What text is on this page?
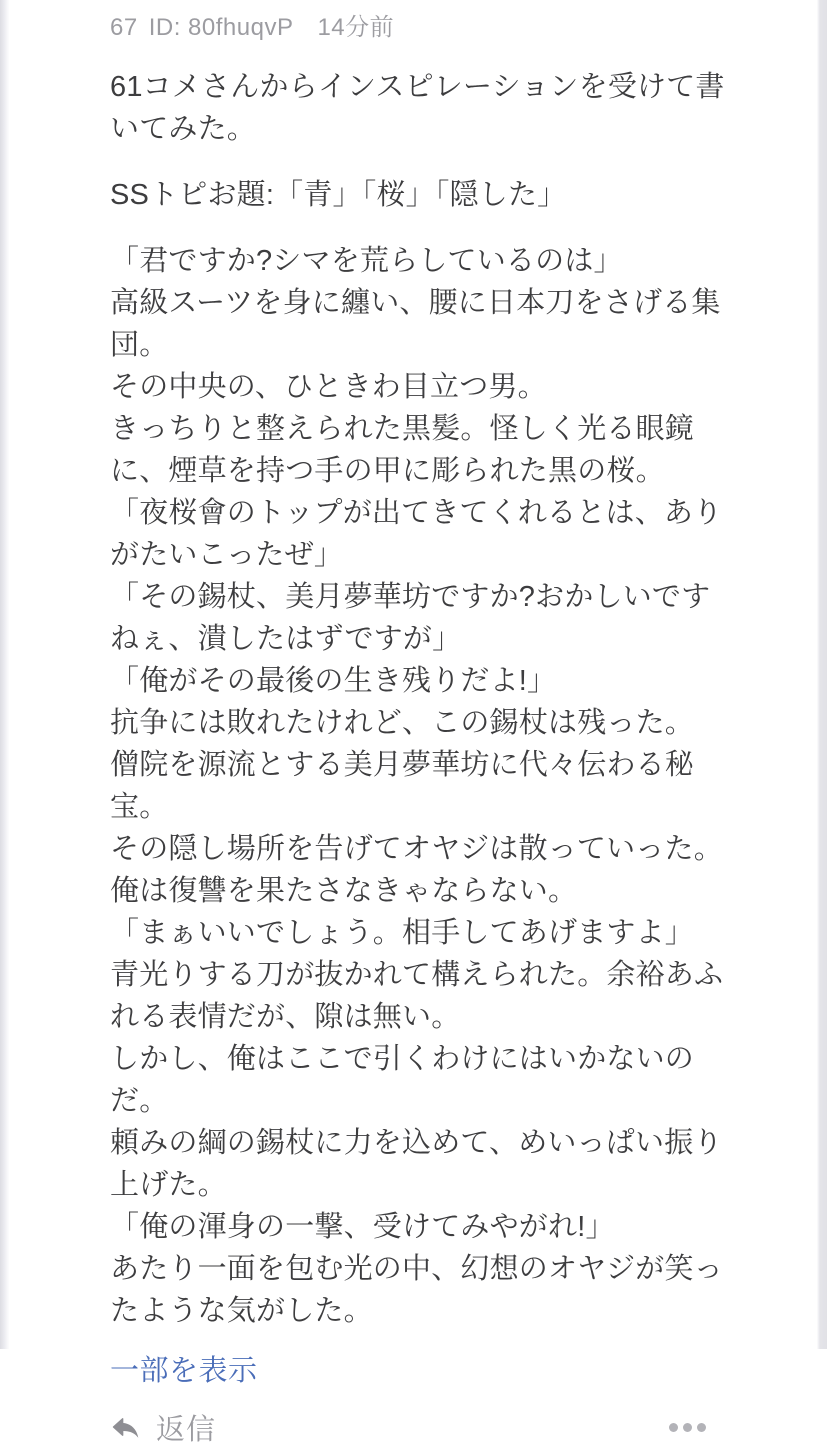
67 ID: 80fhuqvP 14分前
61コメさんからインスピレーションを受けて書いてみた。
SSトピお題:「青」「桜」「隠した」
「君ですか?シマを荒らしているのは」
高級スーツを身に纏い、腰に日本刀をさげる集団。
その中央の、ひときわ目立つ男。
きっちりと整えられた黒髪。怪しく光る眼鏡に、煙草を持つ手の甲に彫られた黒の桜。
「夜桜會のトップが出てきてくれるとは、ありがたいこったぜ」
「その錫杖、美月夢華坊ですか?おかしいですねぇ、潰したはずですが」
「俺がその最後の生き残りだよ!」
抗争には敗れたけれど、この錫杖は残った。
僧院を源流とする美月夢華坊に代々伝わる秘宝。
その隠し場所を告げてオヤジは散っていった。俺は復讐を果たさなきゃならない。
「まぁいいでしょう。相手してあげますよ」
青光りする刀が抜かれて構えられた。余裕あふれる表情だが、隙は無い。
しかし、俺はここで引くわけにはいかないのだ。
頼みの綱の錫杖に力を込めて、めいっぱい振り上げた。
「俺の渾身の一撃、受けてみやがれ!」
あたり一面を包む光の中、幻想のオヤジが笑ったような気がした。
一部を表示
返信
